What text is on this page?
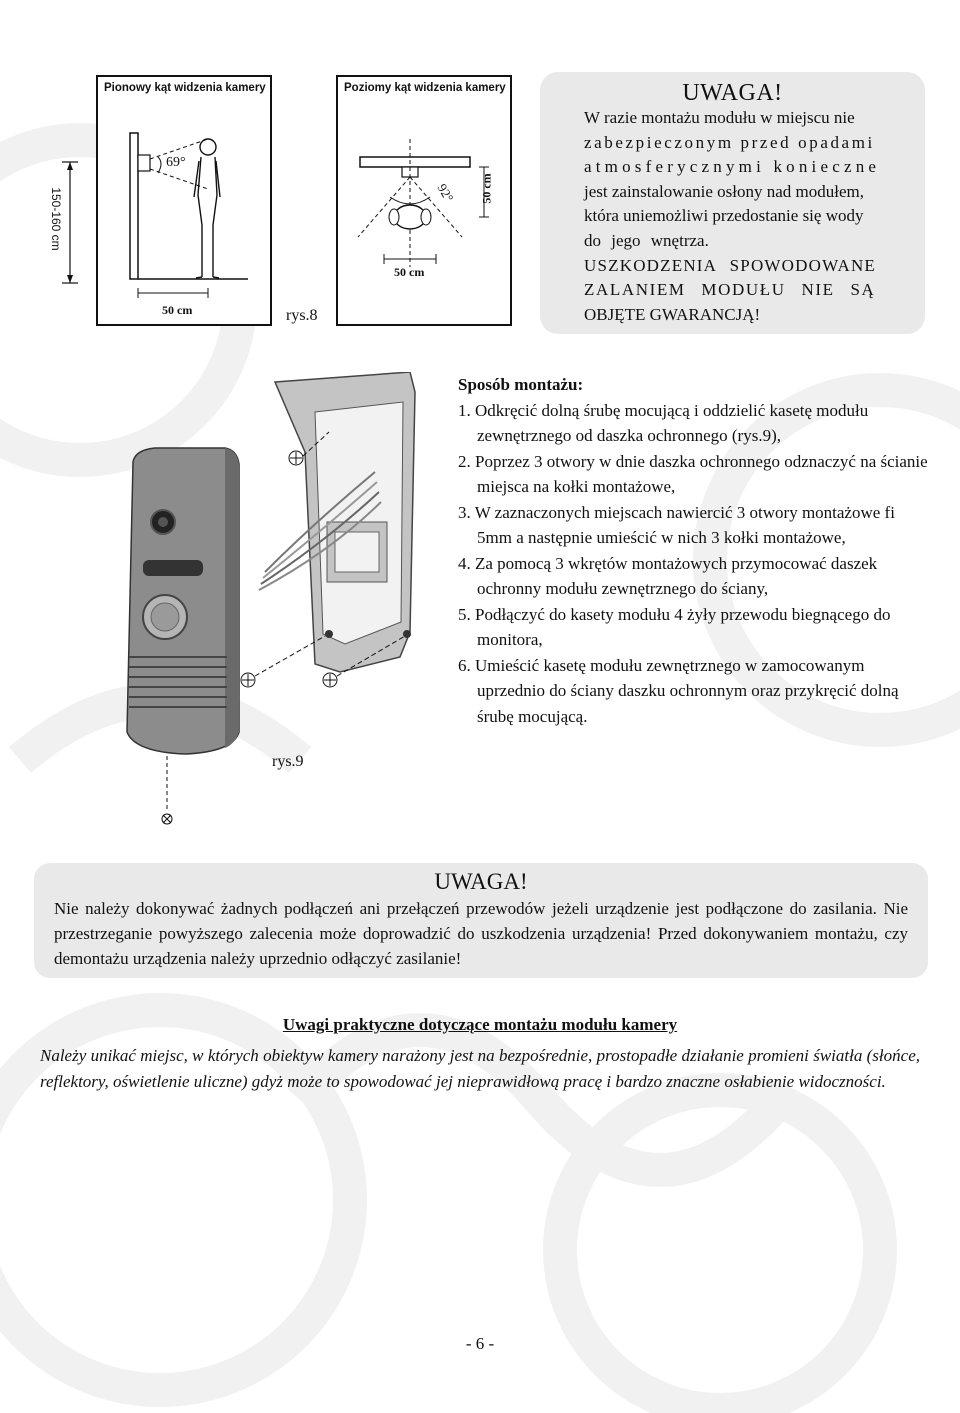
150-160 cm
Pionowy kąt widzenia kamery
69°
50 cm	rys.8
Poziomy kąt widzenia kamery
92° 50 cm
50 cm
UWAGA!
W razie montażu modułu w miejscu nie
zabezpieczonym przed opadami
atmosferycznymi konieczne
jest zainstalowanie osłony nad modułem,
która uniemożliwi przedostanie się wody
do jego wnętrza.
USZKODZENIA SPOWODOWANE
ZALANIEM MODUŁU NIE SĄ
OBJĘTE GWARANCJĄ!
rys.9
Sposób montażu:
1. Odkręcić dolną śrubę mocującą i oddzielić kasetę modułu zewnętrznego od daszka ochronnego (rys.9),
2. Poprzez 3 otwory w dnie daszka ochronnego odznaczyć na ścianie miejsca na kołki montażowe,
3. W zaznaczonych miejscach nawiercić 3 otwory montażowe fi 5mm a następnie umieścić w nich 3 kołki montażowe,
4. Za pomocą 3 wkrętów montażowych przymocować daszek ochronny modułu zewnętrznego do ściany,
5. Podłączyć do kasety modułu 4 żyły przewodu biegnącego do monitora,
6. Umieścić kasetę modułu zewnętrznego w zamocowanym uprzednio do ściany daszku ochronnym oraz przykręcić dolną śrubę mocującą.
UWAGA!
Nie należy dokonywać żadnych podłączeń ani przełączeń przewodów jeżeli urządzenie jest podłączone do zasilania. Nie przestrzeganie powyższego zalecenia może doprowadzić do uszkodzenia urządzenia! Przed dokonywaniem montażu, czy demontażu urządzenia należy uprzednio odłączyć zasilanie!
Uwagi praktyczne dotyczące montażu modułu kamery
Należy unikać miejsc, w których obiektyw kamery narażony jest na bezpośrednie, prostopadłe działanie promieni światła (słońce, reflektory, oświetlenie uliczne) gdyż może to spowodować jej nieprawidłową pracę i bardzo znaczne osłabienie widoczności.
- 6 -
